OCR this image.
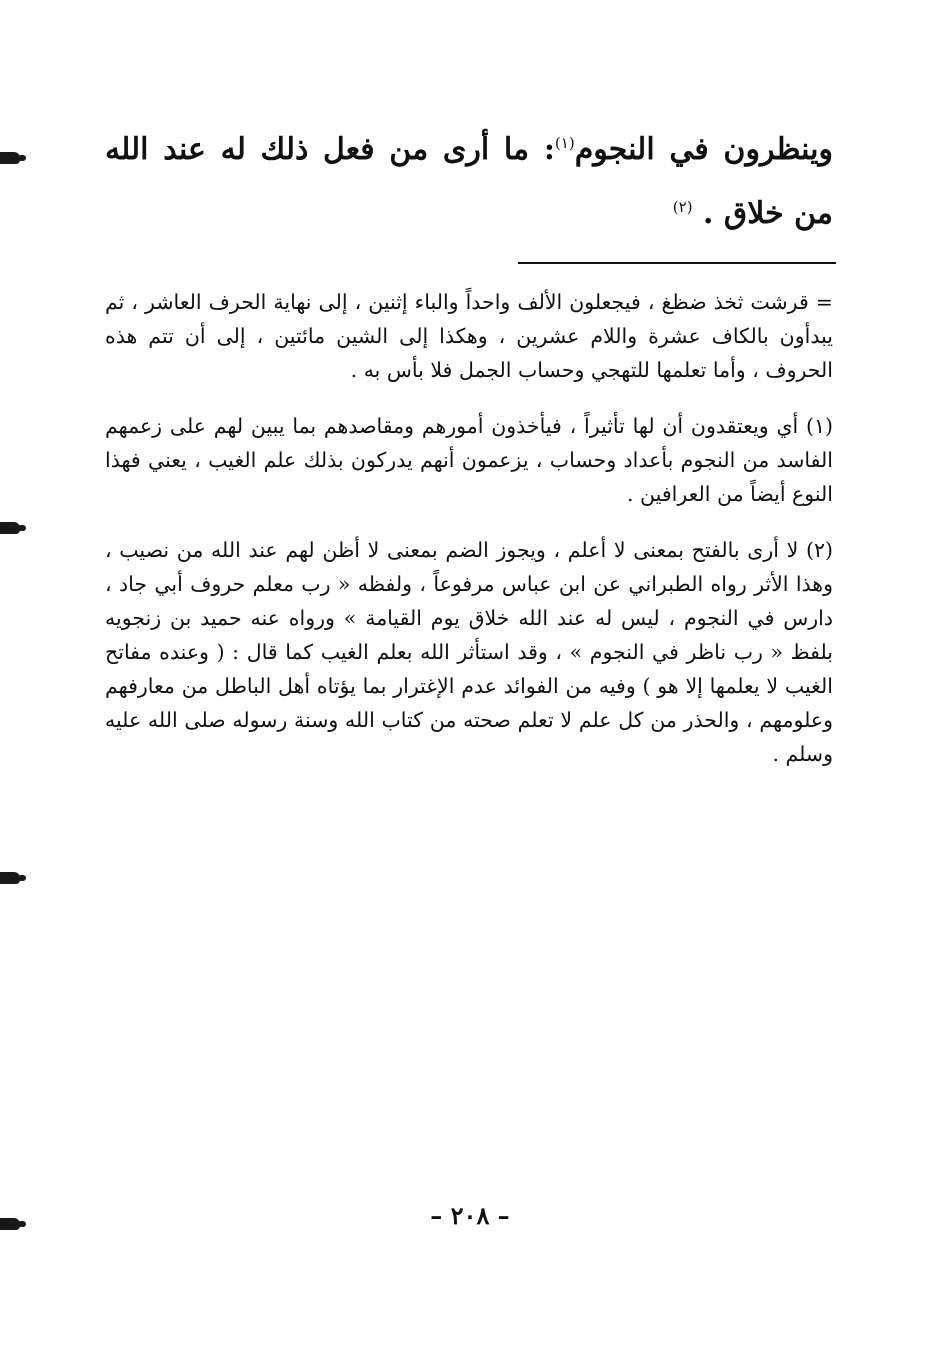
وينظرون في النجوم$^{(١)}$: ما أرى من فعل ذلك له عند الله من خلاق . $^{(٢)}$

= قرشت ثخذ ضظغ ، فيجعلون الألف واحداً والباء إثنين ، إلى نهاية الحرف العاشر ، ثم يبدأون بالكاف عشرة واللام عشرين ، وهكذا إلى الشين مائتين ، إلى أن تتم هذه الحروف ، وأما تعلمها للتهجي وحساب الجمل فلا بأس به .

(١) أي ويعتقدون أن لها تأثيراً ، فيأخذون أمورهم ومقاصدهم بما يبين لهم على زعمهم الفاسد من النجوم بأعداد وحساب ، يزعمون أنهم يدركون بذلك علم الغيب ، يعني فهذا النوع أيضاً من العرافين .

(٢) لا أرى بالفتح بمعنى لا أعلم ، ويجوز الضم بمعنى لا أظن لهم عند الله من نصيب ، وهذا الأثر رواه الطبراني عن ابن عباس مرفوعاً ، ولفظه « رب معلم حروف أبي جاد ، دارس في النجوم ، ليس له عند الله خلاق يوم القيامة » ورواه عنه حميد بن زنجويه بلفظ « رب ناظر في النجوم » ، وقد استأثر الله بعلم الغيب كما قال : ( وعنده مفاتح الغيب لا يعلمها إلا هو ) وفيه من الفوائد عدم الإغترار بما يؤتاه أهل الباطل من معارفهم وعلومهم ، والحذر من كل علم لا تعلم صحته من كتاب الله وسنة رسوله صلى الله عليه وسلم .

– ٢٠٨ –
